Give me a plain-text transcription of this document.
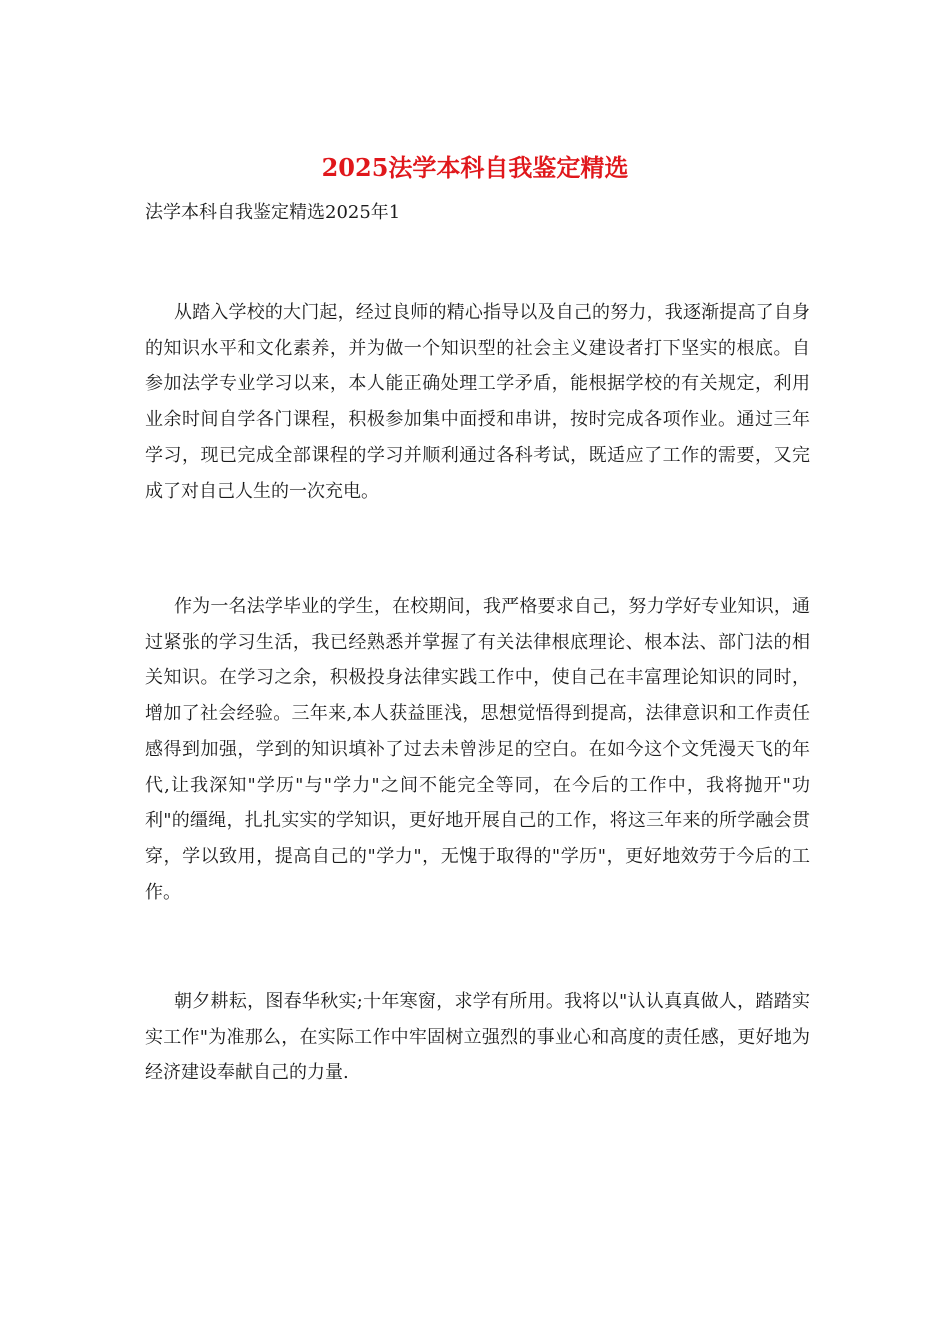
2025法学本科自我鉴定精选

法学本科自我鉴定精选2025年1

从踏入学校的大门起，经过良师的精心指导以及自己的努力，我逐渐提高了自身的知识水平和文化素养，并为做一个知识型的社会主义建设者打下坚实的根底。自参加法学专业学习以来，本人能正确处理工学矛盾，能根据学校的有关规定，利用业余时间自学各门课程，积极参加集中面授和串讲，按时完成各项作业。通过三年学习，现已完成全部课程的学习并顺利通过各科考试，既适应了工作的需要，又完成了对自己人生的一次充电。

作为一名法学毕业的学生，在校期间，我严格要求自己，努力学好专业知识，通过紧张的学习生活，我已经熟悉并掌握了有关法律根底理论、根本法、部门法的相关知识。在学习之余，积极投身法律实践工作中，使自己在丰富理论知识的同时，增加了社会经验。三年来,本人获益匪浅，思想觉悟得到提高，法律意识和工作责任感得到加强，学到的知识填补了过去未曾涉足的空白。在如今这个文凭漫天飞的年代,让我深知"学历"与"学力"之间不能完全等同，在今后的工作中，我将抛开"功利"的缰绳，扎扎实实的学知识，更好地开展自己的工作，将这三年来的所学融会贯穿，学以致用，提高自己的"学力"，无愧于取得的"学历"，更好地效劳于今后的工作。

朝夕耕耘，图春华秋实;十年寒窗，求学有所用。我将以"认认真真做人，踏踏实实工作"为准那么，在实际工作中牢固树立强烈的事业心和高度的责任感，更好地为经济建设奉献自己的力量.
